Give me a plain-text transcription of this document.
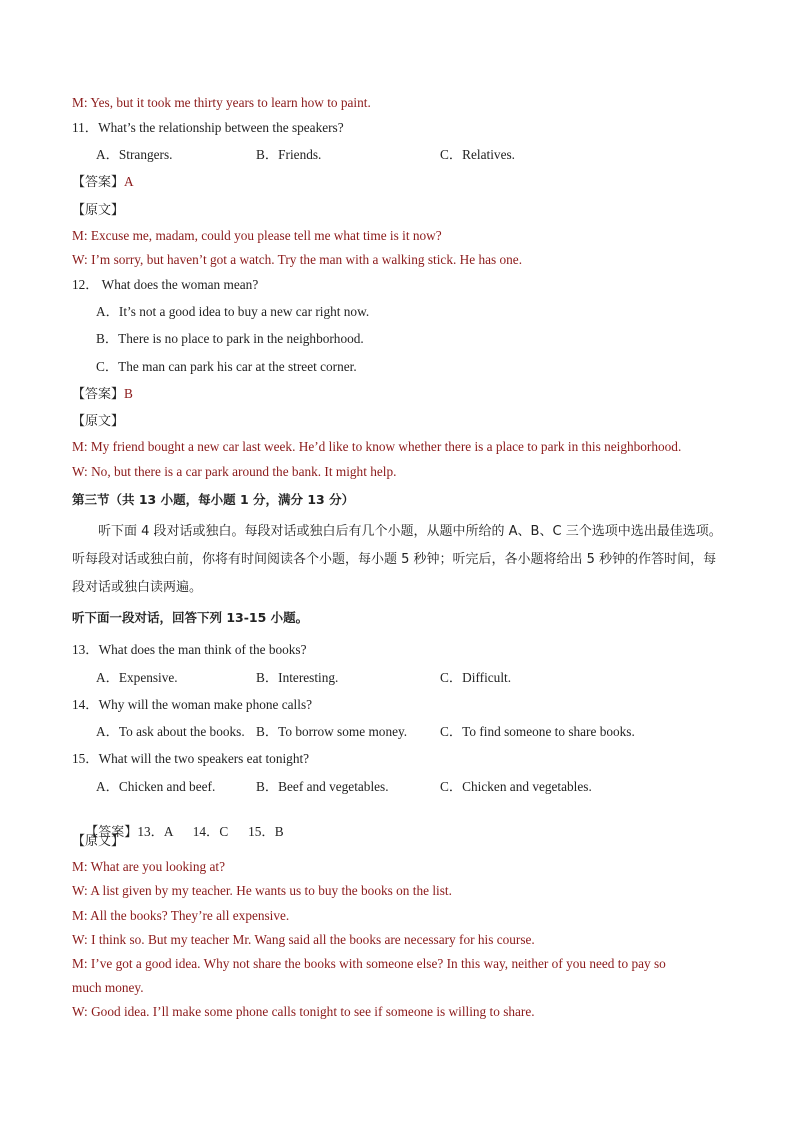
M: Yes, but it took me thirty years to learn how to paint.
11．What’s the relationship between the speakers?
A．Strangers.	B．Friends.	C．Relatives.
【答案】A
【原文】
M: Excuse me, madam, could you please tell me what time is it now?
W: I’m sorry, but haven’t got a watch. Try the man with a walking stick. He has one.
12． What does the woman mean?
A．It’s not a good idea to buy a new car right now.
B．There is no place to park in the neighborhood.
C．The man can park his car at the street corner.
【答案】B
【原文】
M: My friend bought a new car last week. He’d like to know whether there is a place to park in this neighborhood.
W: No, but there is a car park around the bank. It might help.
第三节（共 13 小题，每小题 1 分，满分 13 分）
听下面 4 段对话或独白。每段对话或独白后有几个小题，从题中所给的 A、B、C 三个选项中选出最佳选项。听每段对话或独白前，你将有时间阅读各个小题，每小题 5 秒钟；听完后，各小题将给出 5 秒钟的作答时间，每段对话或独白读两遍。
听下面一段对话，回答下列 13-15 小题。
13．What does the man think of the books?
A．Expensive.	B．Interesting.	C．Difficult.
14．Why will the woman make phone calls?
A．To ask about the books. B．To borrow some money. C．To find someone to share books.
15．What will the two speakers eat tonight?
A．Chicken and beef.	B．Beef and vegetables.	C．Chicken and vegetables.

【答案】13．A      14．C      15．B

【原文】
M: What are you looking at?
W: A list given by my teacher. He wants us to buy the books on the list.
M: All the books? They’re all expensive.
W: I think so. But my teacher Mr. Wang said all the books are necessary for his course.
M: I’ve got a good idea. Why not share the books with someone else? In this way, neither of you need to pay so
much money.
W: Good idea. I’ll make some phone calls tonight to see if someone is willing to share.
